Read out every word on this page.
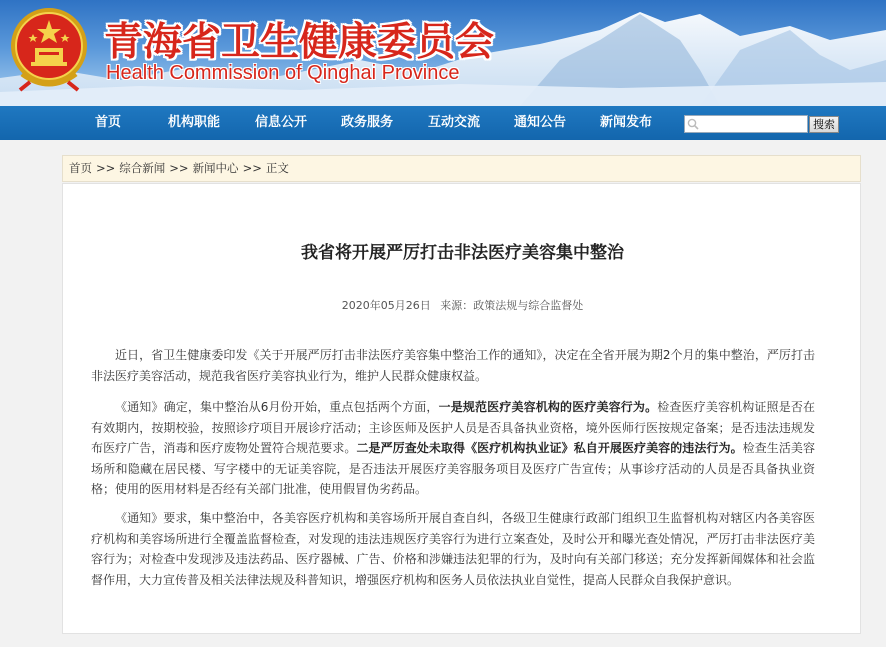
青海省卫生健康委员会
Health Commission of Qinghai Province
首页	机构职能	信息公开	政务服务	互动交流	通知公告	新闻发布	搜索
首页 >> 综合新闻 >> 新闻中心 >> 正文
我省将开展严厉打击非法医疗美容集中整治
2020年05月26日 来源：政策法规与综合监督处
近日，省卫生健康委印发《关于开展严厉打击非法医疗美容集中整治工作的通知》，决定在全省开展为期2个月的集中整治，严厉打击非法医疗美容活动，规范我省医疗美容执业行为，维护人民群众健康权益。
《通知》确定，集中整治从6月份开始，重点包括两个方面，一是规范医疗美容机构的医疗美容行为。检查医疗美容机构证照是否在有效期内，按期校验，按照诊疗项目开展诊疗活动；主诊医师及医护人员是否具备执业资格，境外医师行医按规定备案；是否违法违规发布医疗广告，消毒和医疗废物处置符合规范要求。二是严厉查处未取得《医疗机构执业证》私自开展医疗美容的违法行为。检查生活美容场所和隐藏在居民楼、写字楼中的无证美容院，是否违法开展医疗美容服务项目及医疗广告宣传；从事诊疗活动的人员是否具备执业资格；使用的医用材料是否经有关部门批准，使用假冒伪劣药品。
《通知》要求，集中整治中，各美容医疗机构和美容场所开展自查自纠，各级卫生健康行政部门组织卫生监督机构对辖区内各美容医疗机构和美容场所进行全覆盖监督检查，对发现的违法违规医疗美容行为进行立案查处，及时公开和曝光查处情况，严厉打击非法医疗美容行为；对检查中发现涉及违法药品、医疗器械、广告、价格和涉嫌违法犯罪的行为，及时向有关部门移送；充分发挥新闻媒体和社会监督作用，大力宣传普及相关法律法规及科普知识，增强医疗机构和医务人员依法执业自觉性，提高人民群众自我保护意识。
